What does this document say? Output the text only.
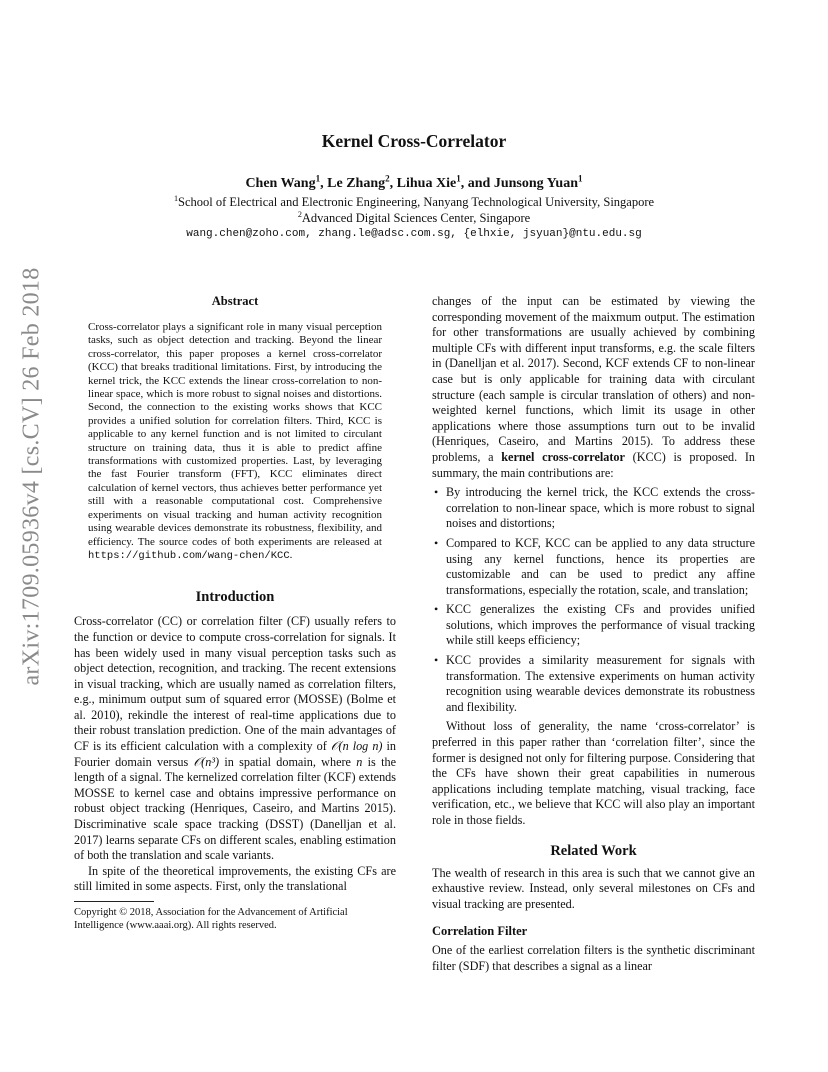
arXiv:1709.05936v4 [cs.CV] 26 Feb 2018
Kernel Cross-Correlator
Chen Wang$^1$, Le Zhang$^2$, Lihua Xie$^1$, and Junsong Yuan$^1$
$^1$School of Electrical and Electronic Engineering, Nanyang Technological University, Singapore
$^2$Advanced Digital Sciences Center, Singapore
wang.chen@zoho.com, zhang.le@adsc.com.sg, {elhxie, jsyuan}@ntu.edu.sg
Abstract
Cross-correlator plays a significant role in many visual perception tasks, such as object detection and tracking. Beyond the linear cross-correlator, this paper proposes a kernel cross-correlator (KCC) that breaks traditional limitations. First, by introducing the kernel trick, the KCC extends the linear cross-correlation to non-linear space, which is more robust to signal noises and distortions. Second, the connection to the existing works shows that KCC provides a unified solution for correlation filters. Third, KCC is applicable to any kernel function and is not limited to circulant structure on training data, thus it is able to predict affine transformations with customized properties. Last, by leveraging the fast Fourier transform (FFT), KCC eliminates direct calculation of kernel vectors, thus achieves better performance yet still with a reasonable computational cost. Comprehensive experiments on visual tracking and human activity recognition using wearable devices demonstrate its robustness, flexibility, and efficiency. The source codes of both experiments are released at https://github.com/wang-chen/KCC.
Introduction

Cross-correlator (CC) or correlation filter (CF) usually refers to the function or device to compute cross-correlation for signals. It has been widely used in many visual perception tasks such as object detection, recognition, and tracking. The recent extensions in visual tracking, which are usually named as correlation filters, e.g., minimum output sum of squared error (MOSSE) (Bolme et al. 2010), rekindle the interest of real-time applications due to their robust translation prediction. One of the main advantages of CF is its efficient calculation with a complexity of 𝒪(n log n) in Fourier domain versus 𝒪(n³) in spatial domain, where n is the length of a signal. The kernelized correlation filter (KCF) extends MOSSE to kernel case and obtains impressive performance on robust object tracking (Henriques, Caseiro, and Martins 2015). Discriminative scale space tracking (DSST) (Danelljan et al. 2017) learns separate CFs on different scales, enabling estimation of both the translation and scale variants.

In spite of the theoretical improvements, the existing CFs are still limited in some aspects. First, only the translational

Copyright © 2018, Association for the Advancement of Artificial Intelligence (www.aaai.org). All rights reserved.

changes of the input can be estimated by viewing the corresponding movement of the maixmum output. The estimation for other transformations are usually achieved by combining multiple CFs with different input transforms, e.g. the scale filters in (Danelljan et al. 2017). Second, KCF extends CF to non-linear case but is only applicable for training data with circulant structure (each sample is circular translation of others) and non-weighted kernel functions, which limit its usage in other applications where those assumptions turn out to be invalid (Henriques, Caseiro, and Martins 2015). To address these problems, a kernel cross-correlator (KCC) is proposed. In summary, the main contributions are:

• By introducing the kernel trick, the KCC extends the cross-correlation to non-linear space, which is more robust to signal noises and distortions;
• Compared to KCF, KCC can be applied to any data structure using any kernel functions, hence its properties are customizable and can be used to predict any affine transformations, especially the rotation, scale, and translation;
• KCC generalizes the existing CFs and provides unified solutions, which improves the performance of visual tracking while still keeps efficiency;
• KCC provides a similarity measurement for signals with transformation. The extensive experiments on human activity recognition using wearable devices demonstrate its robustness and flexibility.

Without loss of generality, the name ‘cross-correlator’ is preferred in this paper rather than ‘correlation filter’, since the former is designed not only for filtering purpose. Considering that the CFs have shown their great capabilities in numerous applications including template matching, visual tracking, face verification, etc., we believe that KCC will also play an important role in those fields.

Related Work

The wealth of research in this area is such that we cannot give an exhaustive review. Instead, only several milestones on CFs and visual tracking are presented.

Correlation Filter

One of the earliest correlation filters is the synthetic discriminant filter (SDF) that describes a signal as a linear
